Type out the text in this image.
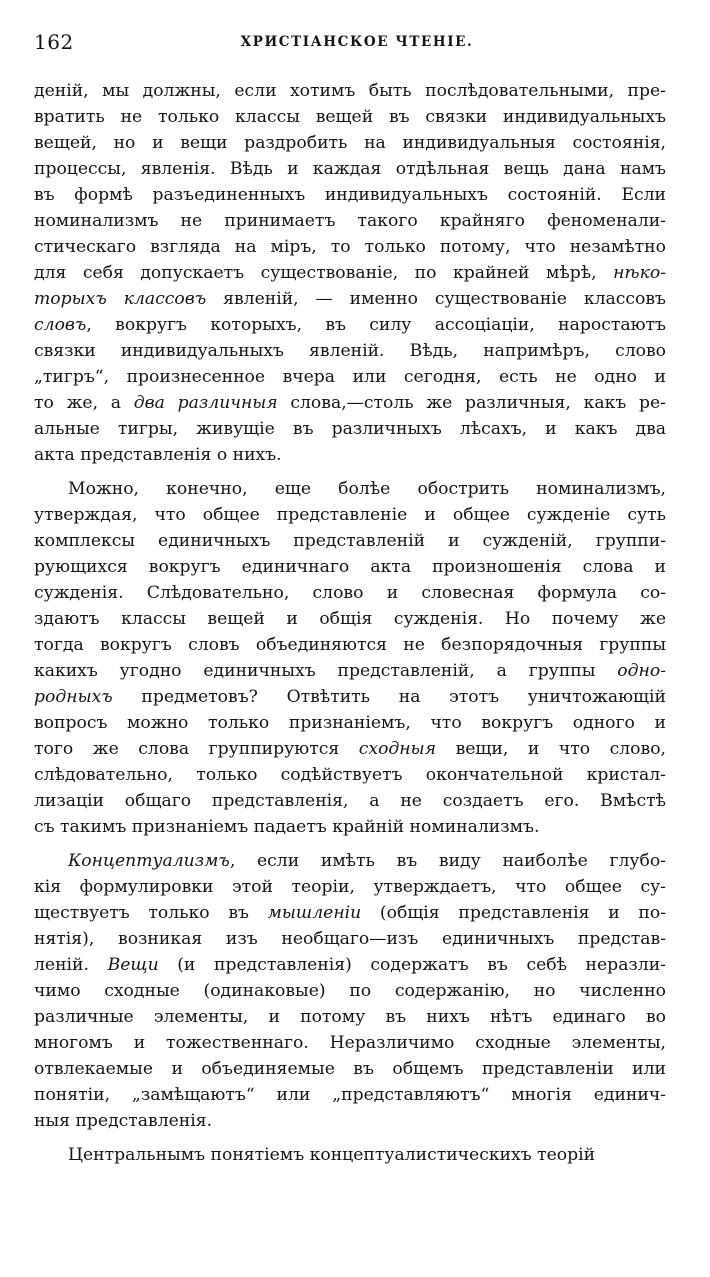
162	ХРИСТІАНСКОЕ ЧТЕНІЕ.

деній, мы должны, если хотимъ быть послѣдовательными, пре-
вратить не только классы вещей въ связки индивидуальныхъ
вещей, но и вещи раздробить на индивидуальныя состоянія,
процессы, явленія. Вѣдь и каждая отдѣльная вещь дана намъ
въ формѣ разъединенныхъ индивидуальныхъ состояній. Если
номинализмъ не принимаетъ такого крайняго феноменали-
стическаго взгляда на міръ, то только потому, что незамѣтно
для себя допускаетъ существованіе, по крайней мѣрѣ, нѣко-
торыхъ классовъ явленій, — именно существованіе классовъ
словъ, вокругъ которыхъ, въ силу ассоціаціи, наростаютъ
связки индивидуальныхъ явленій. Вѣдь, напримѣръ, слово
„тигръ“, произнесенное вчера или сегодня, есть не одно и
то же, а два различныя слова,—столь же различныя, какъ ре-
альные тигры, живущіе въ различныхъ лѣсахъ, и какъ два
акта представленія о нихъ.

Можно, конечно, еще болѣе обострить номинализмъ,
утверждая, что общее представленіе и общее сужденіе суть
комплексы единичныхъ представленій и сужденій, группи-
рующихся вокругъ единичнаго акта произношенія слова и
сужденія. Слѣдовательно, слово и словесная формула со-
здаютъ классы вещей и общія сужденія. Но почему же
тогда вокругъ словъ объединяются не безпорядочныя группы
какихъ угодно единичныхъ представленій, а группы одно-
родныхъ предметовъ? Отвѣтить на этотъ уничтожающій
вопросъ можно только признаніемъ, что вокругъ одного и
того же слова группируются сходныя вещи, и что слово,
слѣдовательно, только содѣйствуетъ окончательной кристал-
лизаціи общаго представленія, а не создаетъ его. Вмѣстѣ
съ такимъ признаніемъ падаетъ крайній номинализмъ.

Концептуализмъ, если имѣть въ виду наиболѣе глубо-
кія формулировки этой теоріи, утверждаетъ, что общее су-
ществуетъ только въ мышленіи (общія представленія и по-
нятія), возникая изъ необщаго—изъ единичныхъ представ-
леній. Вещи (и представленія) содержатъ въ себѣ неразли-
чимо сходные (одинаковые) по содержанію, но численно
различные элементы, и потому въ нихъ нѣтъ единаго во
многомъ и тожественнаго. Неразличимо сходные элементы,
отвлекаемые и объединяемые въ общемъ представленіи или
понятіи, „замѣщаютъ“ или „представляютъ“ многія единич-
ныя представленія.

Центральнымъ понятіемъ концептуалистическихъ теорій
